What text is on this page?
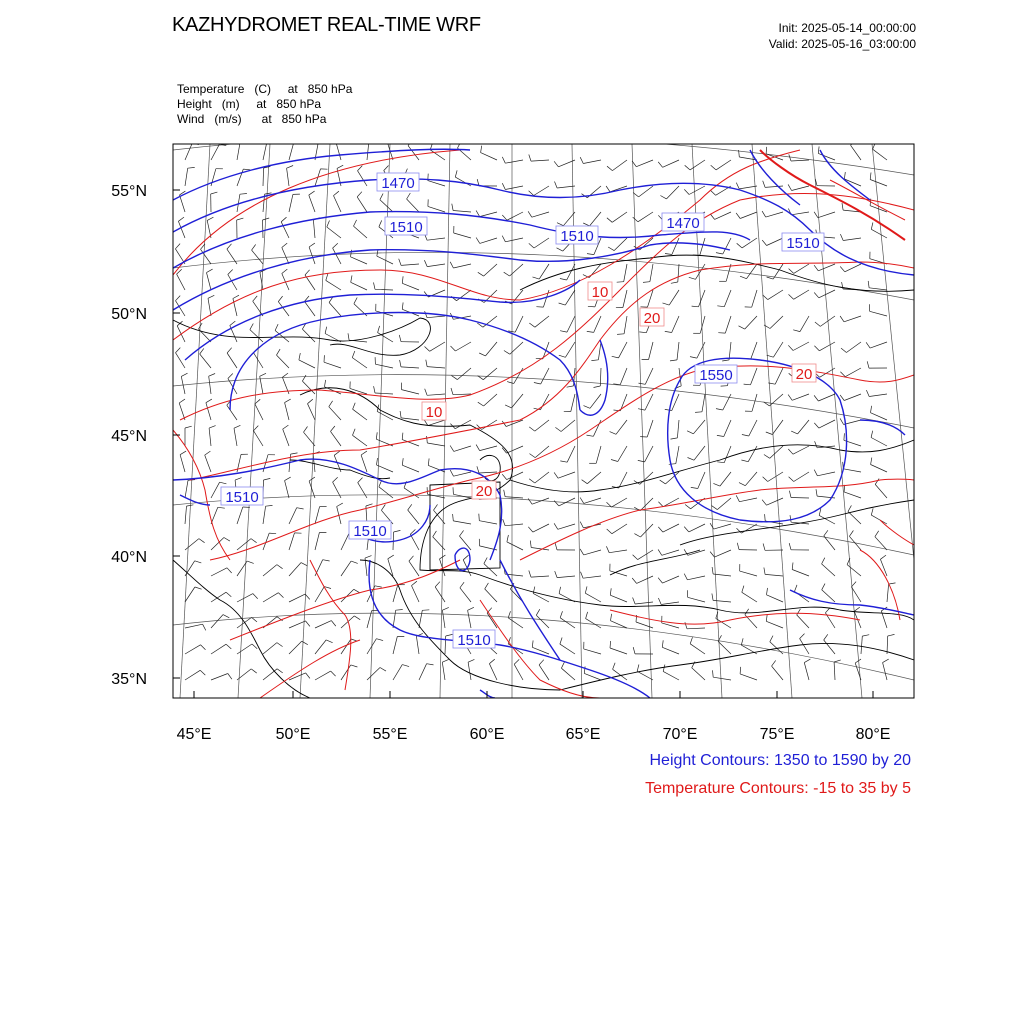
KAZHYDROMET REAL-TIME WRF	Init: 2025-05-14_00:00:00
Valid: 2025-05-16_03:00:00
Temperature   (C)     at   850 hPa
Height   (m)     at   850 hPa
Wind   (m/s)      at   850 hPa
1470
1510
1510
1470
1510
1550
1510
1510
1510
10
20
20
10
20
55°N
50°N
45°N
40°N
35°N
45°E	50°E	55°E	60°E	65°E	70°E	75°E	80°E
Height Contours: 1350 to 1590 by 20
Temperature Contours: -15 to 35 by 5
